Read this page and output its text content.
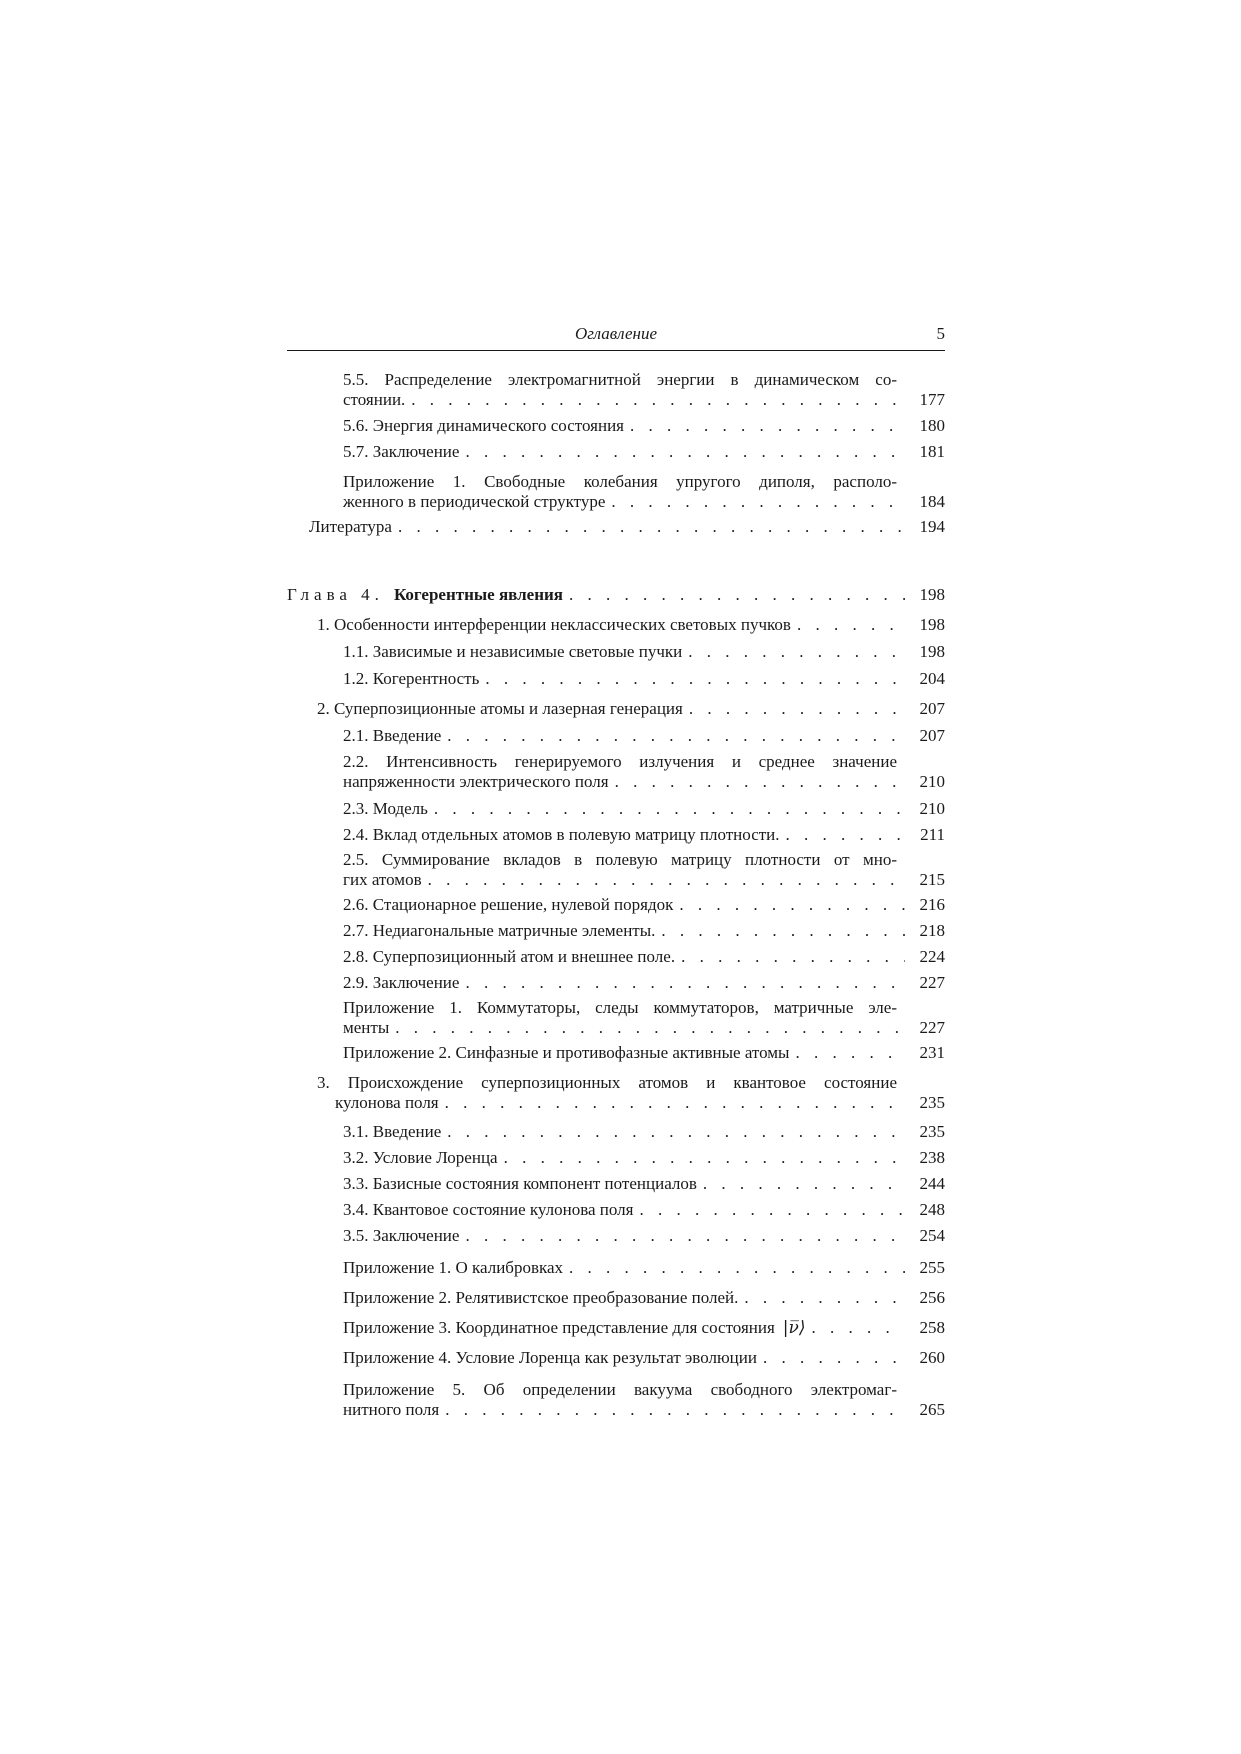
Оглавление	5
5.5. Распределение электромагнитной энергии в динамическом со-
стоянии. . . .	177
5.6. Энергия динамического состояния . . .	180
5.7. Заключение . . .	181
Приложение 1. Свободные колебания упругого диполя, располо-
женного в периодической структуре . . .	184
Литература . . .	194
Глава 4. Когерентные явления . . .	198
1. Особенности интерференции неклассических световых пучков . . .	198
1.1. Зависимые и независимые световые пучки . . .	198
1.2. Когерентность . . .	204
2. Суперпозиционные атомы и лазерная генерация . . .	207
2.1. Введение . . .	207
2.2. Интенсивность генерируемого излучения и среднее значение
напряженности электрического поля . . .	210
2.3. Модель . . .	210
2.4. Вклад отдельных атомов в полевую матрицу плотности. . . .	211
2.5. Суммирование вкладов в полевую матрицу плотности от мно-
гих атомов . . .	215
2.6. Стационарное решение, нулевой порядок . . .	216
2.7. Недиагональные матричные элементы. . . .	218
2.8. Суперпозиционный атом и внешнее поле. . . .	224
2.9. Заключение . . .	227
Приложение 1. Коммутаторы, следы коммутаторов, матричные эле-
менты . . .	227
Приложение 2. Синфазные и противофазные активные атомы . . .	231
3. Происхождение суперпозиционных атомов и квантовое состояние
кулонова поля . . .	235
3.1. Введение . . .	235
3.2. Условие Лоренца . . .	238
3.3. Базисные состояния компонент потенциалов . . .	244
3.4. Квантовое состояние кулонова поля . . .	248
3.5. Заключение . . .	254
Приложение 1. О калибровках . . .	255
Приложение 2. Релятивистское преобразование полей. . . .	256
Приложение 3. Координатное представление для состояния |ν̅⟩ . . .	258
Приложение 4. Условие Лоренца как результат эволюции . . .	260
Приложение 5. Об определении вакуума свободного электромаг-
нитного поля . . .	265
